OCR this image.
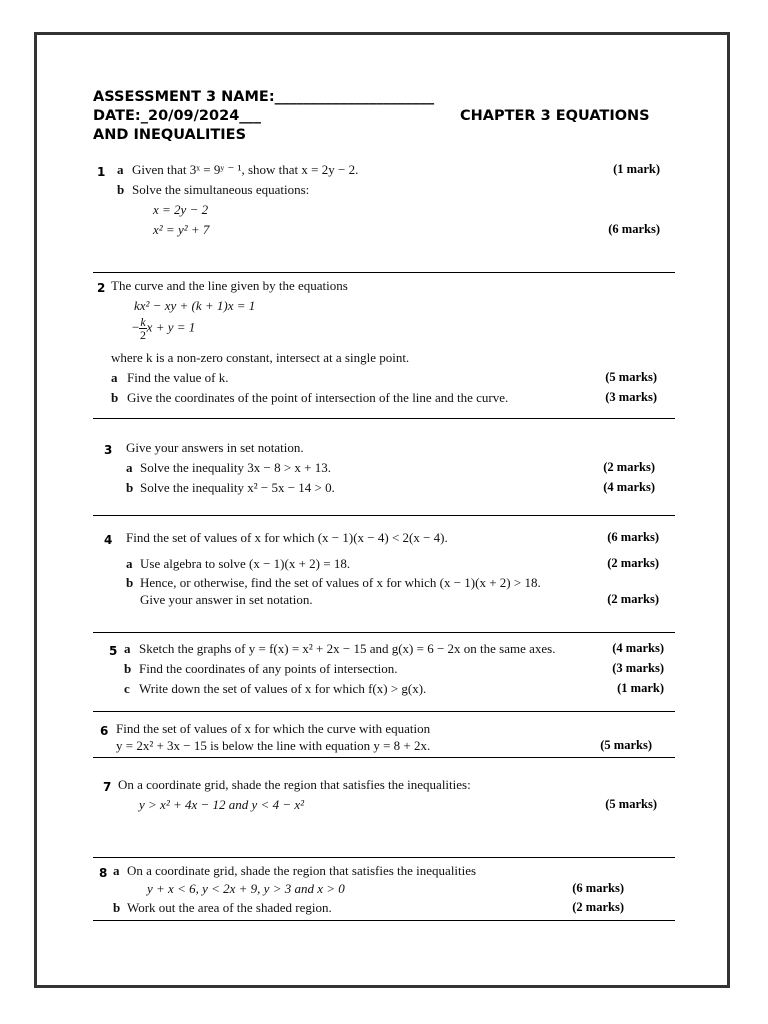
ASSESSMENT 3 NAME:______________________
DATE:_20/09/2024___	CHAPTER 3 EQUATIONS
AND INEQUALITIES
1 a Given that 3ˣ = 9ʸ ⁻ ¹, show that x = 2y − 2.	(1 mark)
b Solve the simultaneous equations:
x = 2y − 2
x² = y² + 7	(6 marks)
2 The curve and the line given by the equations
kx² − xy + (k + 1)x = 1
− $\frac{k}{2}$ x + y = 1
where k is a non-zero constant, intersect at a single point.
a Find the value of k.	(5 marks)
b Give the coordinates of the point of intersection of the line and the curve.	(3 marks)
3 Give your answers in set notation.
a Solve the inequality 3x − 8 > x + 13.	(2 marks)
b Solve the inequality x² − 5x − 14 > 0.	(4 marks)
4 Find the set of values of x for which (x − 1)(x − 4) < 2(x − 4).	(6 marks)
a Use algebra to solve (x − 1)(x + 2) = 18.	(2 marks)
b Hence, or otherwise, find the set of values of x for which (x − 1)(x + 2) > 18.
Give your answer in set notation.	(2 marks)
5 a Sketch the graphs of y = f(x) = x² + 2x − 15 and g(x) = 6 − 2x on the same axes.	(4 marks)
b Find the coordinates of any points of intersection.	(3 marks)
c Write down the set of values of x for which f(x) > g(x).	(1 mark)
6 Find the set of values of x for which the curve with equation
y = 2x² + 3x − 15 is below the line with equation y = 8 + 2x.	(5 marks)
7 On a coordinate grid, shade the region that satisfies the inequalities:
y > x² + 4x − 12 and y < 4 − x²	(5 marks)
8 a On a coordinate grid, shade the region that satisfies the inequalities
y + x < 6, y < 2x + 9, y > 3 and x > 0	(6 marks)
b Work out the area of the shaded region.	(2 marks)
